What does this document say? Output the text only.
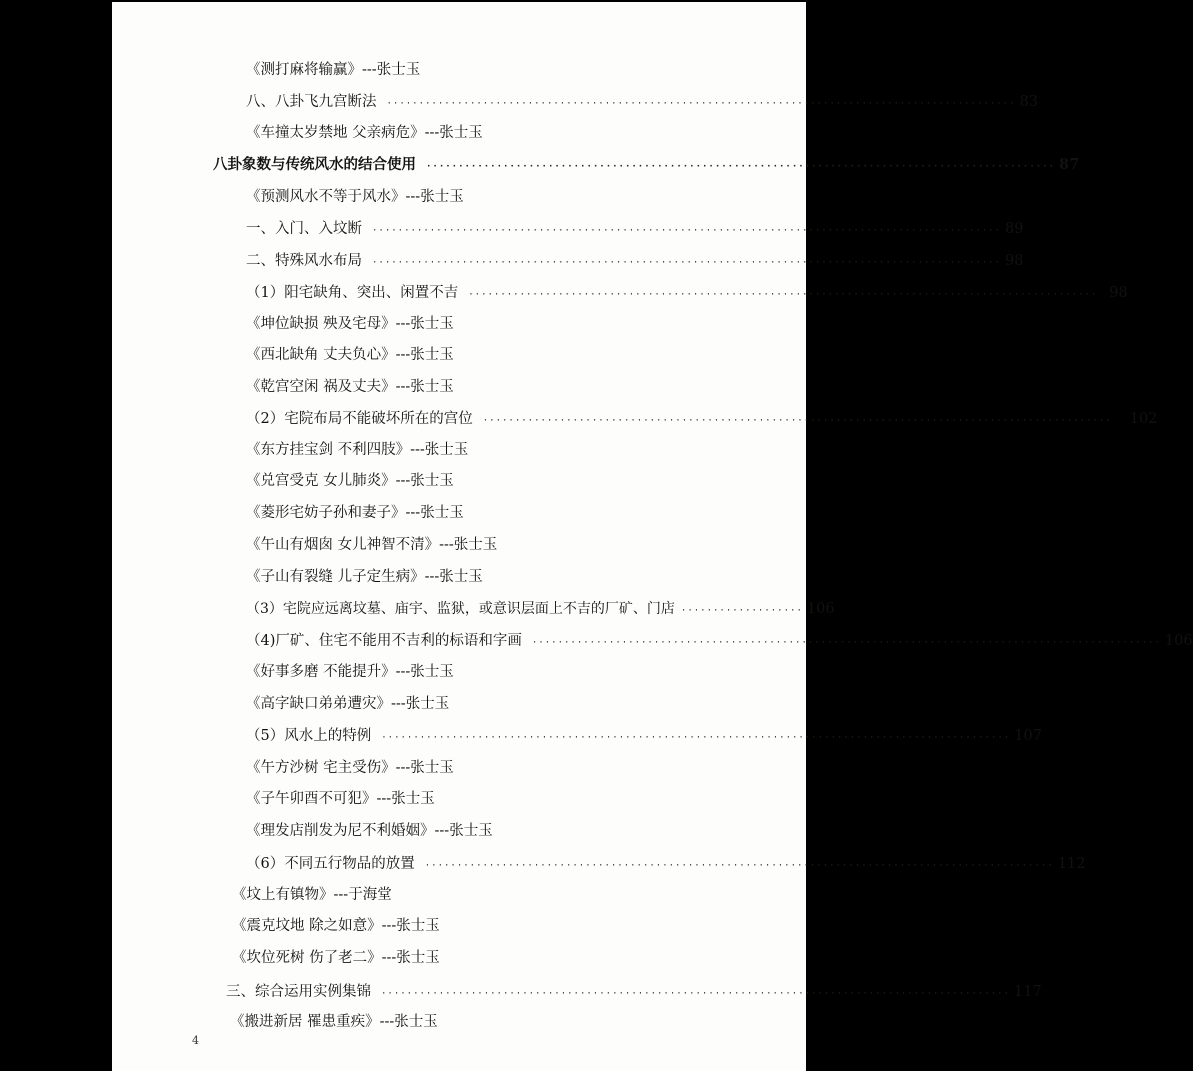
《测打麻将输赢》---张士玉
八、八卦飞九宫断法 ·································································································· 83
《车撞太岁禁地 父亲病危》---张士玉
八卦象数与传统风水的结合使用 ·································································································· 87
《预测风水不等于风水》---张士玉
一、入门、入坟断 ·································································································· 89
二、特殊风水布局 ·································································································· 98
（1）阳宅缺角、突出、闲置不吉 ·································································································· 98
《坤位缺损 殃及宅母》---张士玉
《西北缺角 丈夫负心》---张士玉
《乾宫空闲 祸及丈夫》---张士玉
（2）宅院布局不能破坏所在的宫位 ·································································································· 102
《东方挂宝剑 不利四肢》---张士玉
《兑宫受克 女儿肺炎》---张士玉
《菱形宅妨子孙和妻子》---张士玉
《午山有烟囱 女儿神智不清》---张士玉
《子山有裂缝 儿子定生病》---张士玉
（3）宅院应远离坟墓、庙宇、监狱，或意识层面上不吉的厂矿、门店 ··················· 106
（4)厂矿、住宅不能用不吉利的标语和字画 ·································································································· 106
《好事多磨 不能提升》---张士玉
《高字缺口弟弟遭灾》---张士玉
（5）风水上的特例 ·································································································· 107
《午方沙树 宅主受伤》---张士玉
《子午卯酉不可犯》---张士玉
《理发店削发为尼不利婚姻》---张士玉
（6）不同五行物品的放置 ·································································································· 112
《坟上有镇物》---于海堂
《震克坟地 除之如意》---张士玉
《坎位死树 伤了老二》---张士玉
三、综合运用实例集锦 ·································································································· 117
《搬进新居 罹患重疾》---张士玉
4
